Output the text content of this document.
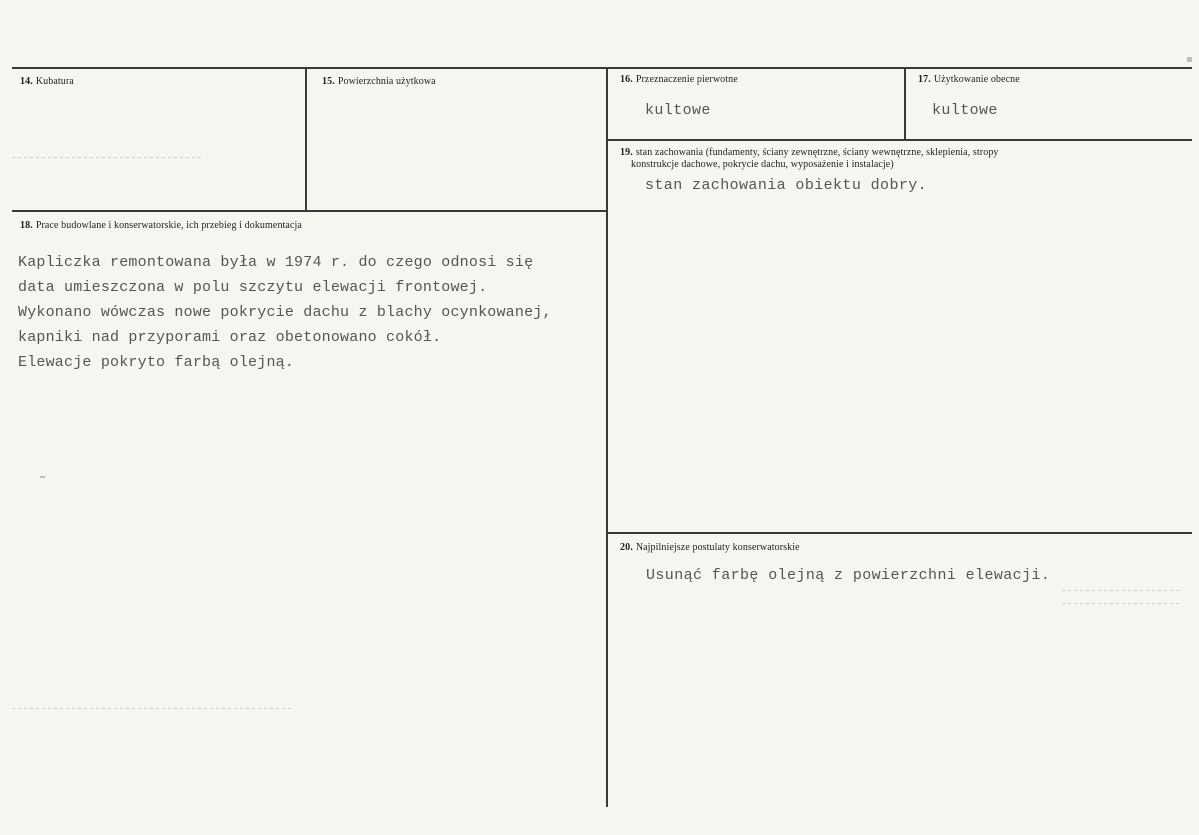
14. Kubatura	15. Powierzchnia użytkowa	16. Przeznaczenie pierwotne
kultowe
17. Użytkowanie obecne
kultowe
18. Prace budowlane i konserwatorskie, ich przebieg i dokumentacja
Kapliczka remontowana była w 1974 r. do czego odnosi się
data umieszczona w polu szczytu elewacji frontowej.
Wykonano wówczas nowe pokrycie dachu z blachy ocynkowanej,
kapniki nad przyporami oraz obetonowano cokół.
Elewacje pokryto farbą olejną.
19. stan zachowania (fundamenty, ściany zewnętrzne, ściany wewnętrzne, sklepienia, stropy
konstrukcje dachowe, pokrycie dachu, wyposażenie i instalacje)
stan zachowania obiektu dobry.
20. Najpilniejsze postulaty konserwatorskie
Usunąć farbę olejną z powierzchni elewacji.
